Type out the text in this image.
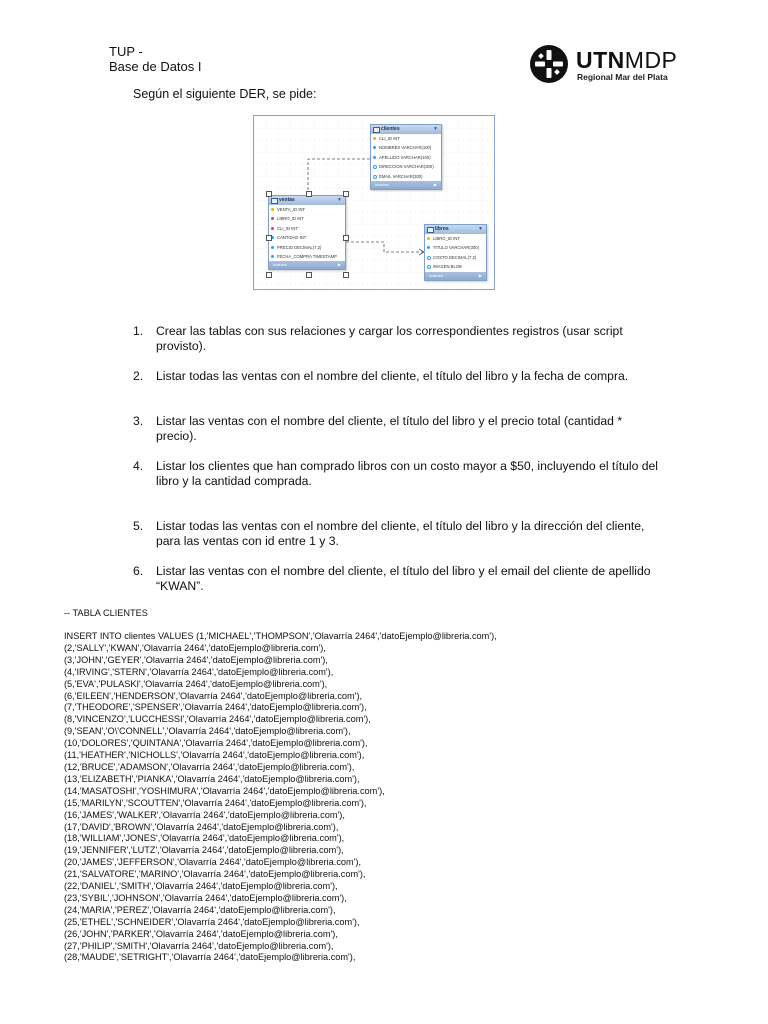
TUP -
Base de Datos I	UTNMDP
Regional Mar del Plata
Según el siguiente DER, se pide:
clientes	▼
CLI_ID INT
NOMBRES VARCHAR(100)
APELLIDO VARCHAR(100)
DIRECCION VARCHAR(300)
EMAIL VARCHAR(300)
Indexes	▶
ventas	▼
VENTA_ID INT
LIBRO_ID INT
CLI_ID INT
CANTIDAD INT
PRECIO DECIMAL(7,2)
FECHA_COMPRA TIMESTAMP
Indexes	▶
libros	▼
LIBRO_ID INT
TITULO VARCHAR(300)
COSTO DECIMAL(7,2)
IMAGEN BLOB
Indexes	▶
1. Crear las tablas con sus relaciones y cargar los correspondientes registros (usar script provisto).
2. Listar todas las ventas con el nombre del cliente, el título del libro y la fecha de compra.
3. Listar las ventas con el nombre del cliente, el título del libro y el precio total (cantidad * precio).
4. Listar los clientes que han comprado libros con un costo mayor a $50, incluyendo el título del libro y la cantidad comprada.
5. Listar todas las ventas con el nombre del cliente, el título del libro y la dirección del cliente, para las ventas con id entre 1 y 3.
6. Listar las ventas con el nombre del cliente, el título del libro y el email del cliente de apellido “KWAN”.
-- TABLA CLIENTES
INSERT INTO clientes VALUES (1,'MICHAEL','THOMPSON','Olavarría 2464','datoEjemplo@libreria.com'),
(2,'SALLY','KWAN','Olavarría 2464','datoEjemplo@libreria.com'),
(3,'JOHN','GEYER','Olavarría 2464','datoEjemplo@libreria.com'),
(4,'IRVING','STERN','Olavarría 2464','datoEjemplo@libreria.com'),
(5,'EVA','PULASKI','Olavarría 2464','datoEjemplo@libreria.com'),
(6,'EILEEN','HENDERSON','Olavarría 2464','datoEjemplo@libreria.com'),
(7,'THEODORE','SPENSER','Olavarría 2464','datoEjemplo@libreria.com'),
(8,'VINCENZO','LUCCHESSI','Olavarría 2464','datoEjemplo@libreria.com'),
(9,'SEAN','O\'CONNELL','Olavarría 2464','datoEjemplo@libreria.com'),
(10,'DOLORES','QUINTANA','Olavarría 2464','datoEjemplo@libreria.com'),
(11,'HEATHER','NICHOLLS','Olavarría 2464','datoEjemplo@libreria.com'),
(12,'BRUCE','ADAMSON','Olavarría 2464','datoEjemplo@libreria.com'),
(13,'ELIZABETH','PIANKA','Olavarría 2464','datoEjemplo@libreria.com'),
(14,'MASATOSHI','YOSHIMURA','Olavarría 2464','datoEjemplo@libreria.com'),
(15,'MARILYN','SCOUTTEN','Olavarría 2464','datoEjemplo@libreria.com'),
(16,'JAMES','WALKER','Olavarría 2464','datoEjemplo@libreria.com'),
(17,'DAVID','BROWN','Olavarría 2464','datoEjemplo@libreria.com'),
(18,'WILLIAM','JONES','Olavarría 2464','datoEjemplo@libreria.com'),
(19,'JENNIFER','LUTZ','Olavarría 2464','datoEjemplo@libreria.com'),
(20,'JAMES','JEFFERSON','Olavarría 2464','datoEjemplo@libreria.com'),
(21,'SALVATORE','MARINO','Olavarría 2464','datoEjemplo@libreria.com'),
(22,'DANIEL','SMITH','Olavarría 2464','datoEjemplo@libreria.com'),
(23,'SYBIL','JOHNSON','Olavarría 2464','datoEjemplo@libreria.com'),
(24,'MARIA','PEREZ','Olavarría 2464','datoEjemplo@libreria.com'),
(25,'ETHEL','SCHNEIDER','Olavarría 2464','datoEjemplo@libreria.com'),
(26,'JOHN','PARKER','Olavarría 2464','datoEjemplo@libreria.com'),
(27,'PHILIP','SMITH','Olavarría 2464','datoEjemplo@libreria.com'),
(28,'MAUDE','SETRIGHT','Olavarría 2464','datoEjemplo@libreria.com'),
